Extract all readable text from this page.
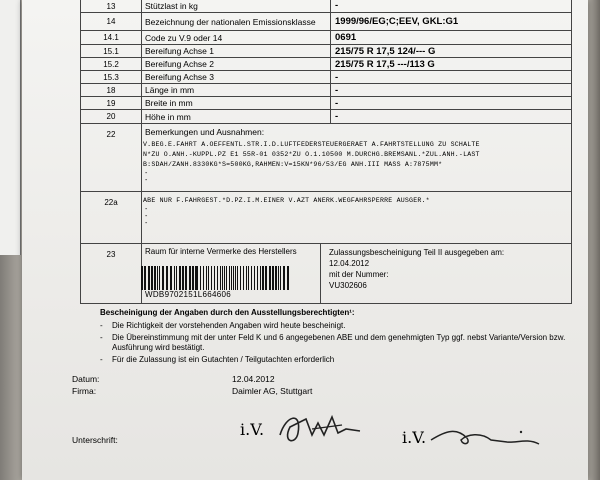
13	Stützlast in kg	-
14	Bezeichnung der nationalen Emissionsklasse	1999/96/EG;C;EEV, GKL:G1
14.1	Code zu V.9 oder 14	0691
15.1	Bereifung Achse 1	215/75 R 17,5 124/--- G
15.2	Bereifung Achse 2	215/75 R 17,5 ---/113 G
15.3	Bereifung Achse 3	-
18	Länge in mm	-
19	Breite in mm	-
20	Höhe in mm	-
22	Bemerkungen und Ausnahmen:
V.BEG.E.FAHRT A.OEFFENTL.STR.I.D.LUFTFEDERSTEUERGERAET A.FAHRTSTELLUNG ZU SCHALTE
N*ZU O.ANH.-KUPPL.PZ E1 55R-01 0352*ZU O.1.10500 M.DURCHG.BREMSANL.*ZUL.ANH.-LAST
B:SDAH/ZANH.8330KG*S=500KG,RAHMEN:V=15KN*96/53/EG ANH.III MASS A:7875MM*
-
-
22a	ABE NUR F.FAHRGEST.*D.PZ.I.M.EINER V.AZT ANERK.WEGFAHRSPERRE AUSGER.*
-
-
-
23	Raum für interne Vermerke des Herstellers
WDB9702151L664606
Zulassungsbescheinigung Teil II ausgegeben am:
12.04.2012
mit der Nummer:
VU302606
Bescheinigung der Angaben durch den Ausstellungsberechtigten¹:
- Die Richtigkeit der vorstehenden Angaben wird heute bescheinigt.
- Die Übereinstimmung mit der unter Feld K und 6 angegebenen ABE und dem genehmigten Typ ggf. nebst Variante/Version bzw. Ausführung wird bestätigt.
- Für die Zulassung ist ein Gutachten / Teilgutachten erforderlich
Datum:	12.04.2012
Firma:	Daimler AG, Stuttgart
Unterschrift:
i.V.	i.V.
